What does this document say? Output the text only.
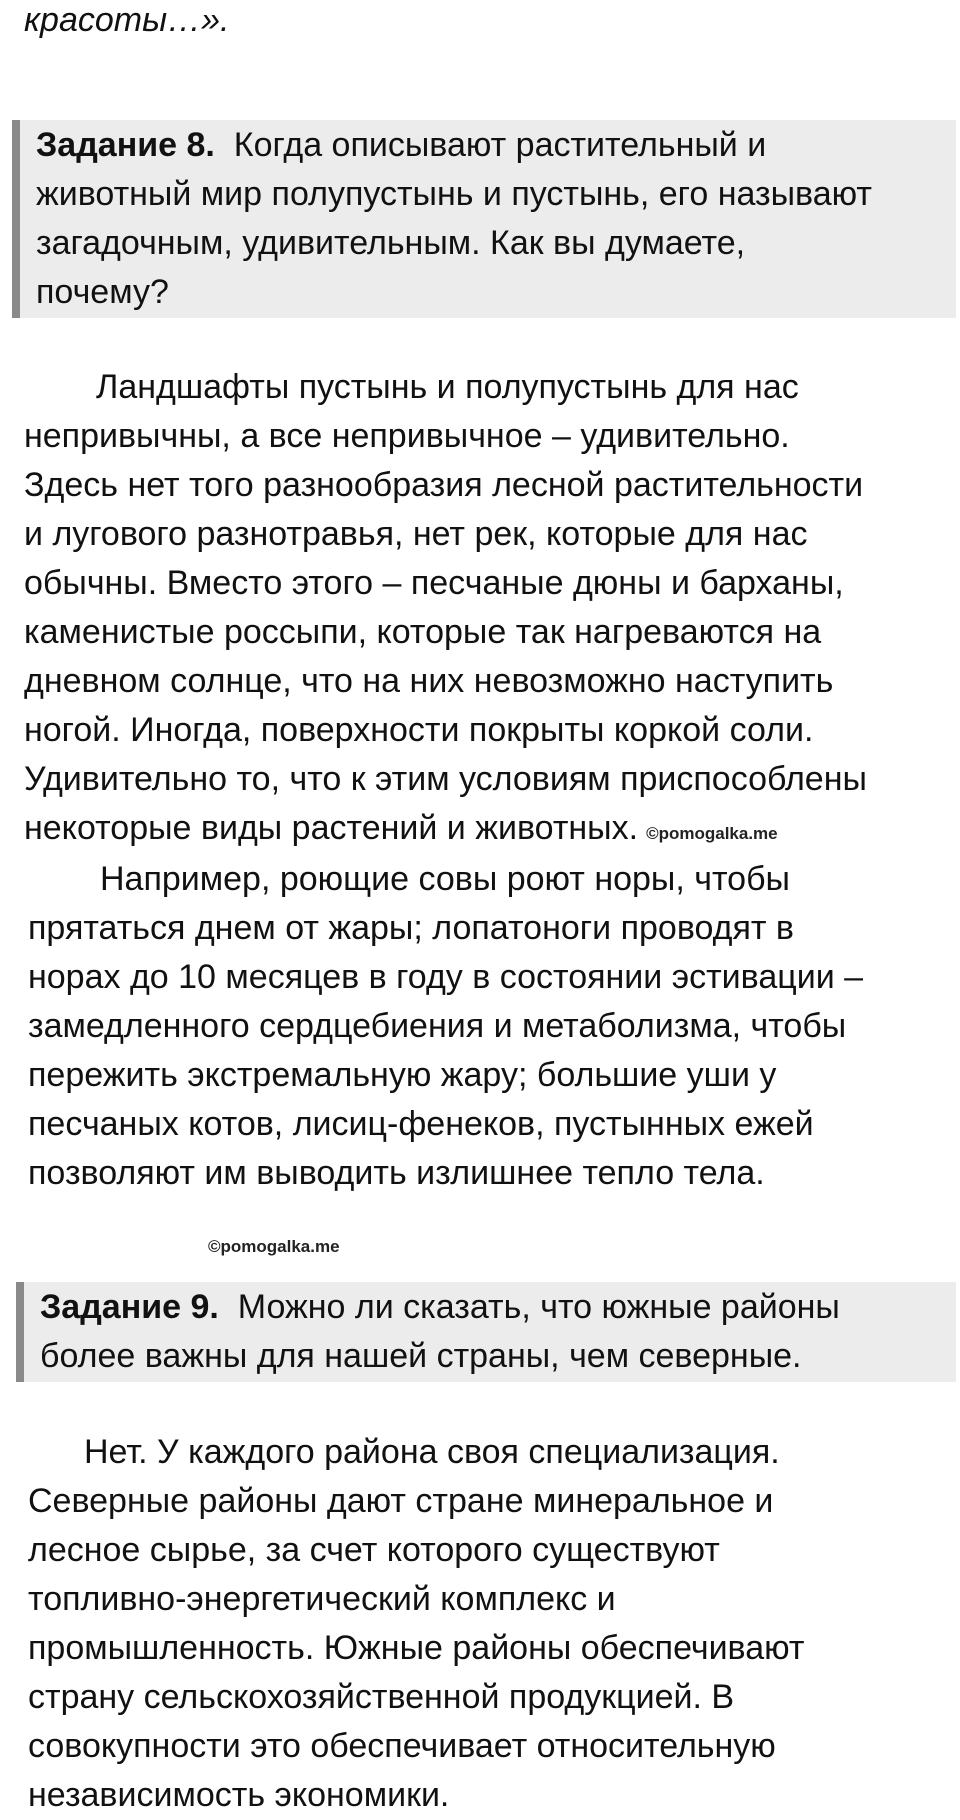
красоты…».
Задание 8. Когда описывают растительный и
животный мир полупустынь и пустынь, его называют
загадочным, удивительным. Как вы думаете,
почему?
Ландшафты пустынь и полупустынь для нас
непривычны, а все непривычное – удивительно.
Здесь нет того разнообразия лесной растительности
и лугового разнотравья, нет рек, которые для нас
обычны. Вместо этого – песчаные дюны и барханы,
каменистые россыпи, которые так нагреваются на
дневном солнце, что на них невозможно наступить
ногой. Иногда, поверхности покрыты коркой соли.
Удивительно то, что к этим условиям приспособлены
некоторые виды растений и животных. ©pomogalka.me
Например, роющие совы роют норы, чтобы
прятаться днем от жары; лопатоноги проводят в
норах до 10 месяцев в году в состоянии эстивации –
замедленного сердцебиения и метаболизма, чтобы
пережить экстремальную жару; большие уши у
песчаных котов, лисиц-фенеков, пустынных ежей
позволяют им выводить излишнее тепло тела.
©pomogalka.me
Задание 9. Можно ли сказать, что южные районы
более важны для нашей страны, чем северные.
Нет. У каждого района своя специализация.
Северные районы дают стране минеральное и
лесное сырье, за счет которого существуют
топливно-энергетический комплекс и
промышленность. Южные районы обеспечивают
страну сельскохозяйственной продукцией. В
совокупности это обеспечивает относительную
независимость экономики.
